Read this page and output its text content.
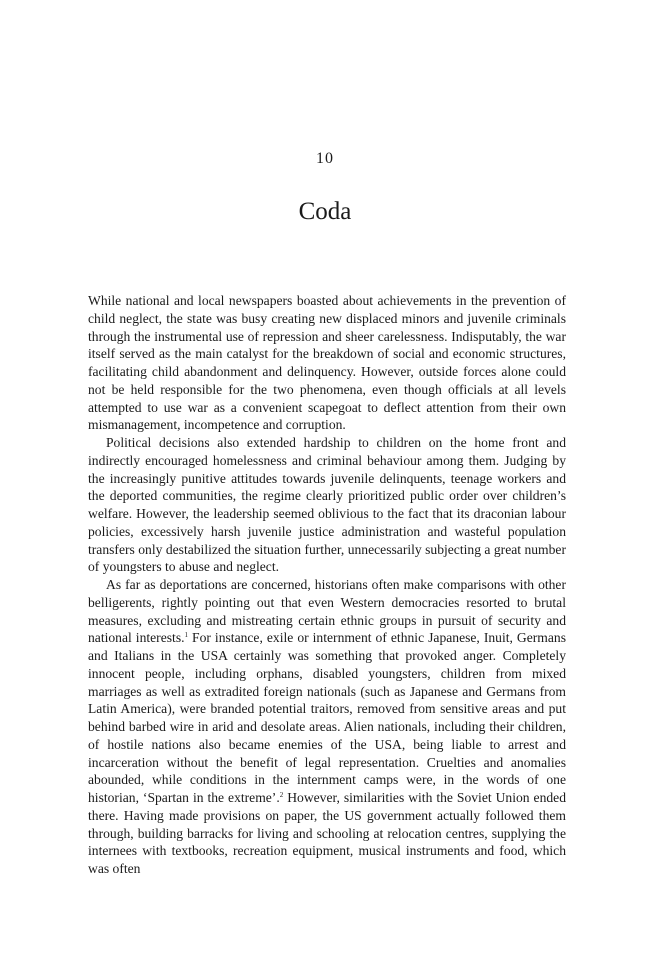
10
Coda

While national and local newspapers boasted about achievements in the prevention of child neglect, the state was busy creating new displaced minors and juvenile criminals through the instrumental use of repression and sheer carelessness. Indisputably, the war itself served as the main catalyst for the breakdown of social and economic structures, facilitating child abandonment and delinquency. However, outside forces alone could not be held responsible for the two phenomena, even though officials at all levels attempted to use war as a convenient scapegoat to deflect attention from their own mismanagement, incompetence and corruption.

Political decisions also extended hardship to children on the home front and indirectly encouraged homelessness and criminal behaviour among them. Judging by the increasingly punitive attitudes towards juvenile delinquents, teenage workers and the deported communities, the regime clearly prioritized public order over children’s welfare. However, the leadership seemed oblivious to the fact that its draconian labour policies, excessively harsh juvenile justice administration and wasteful population transfers only destabilized the situation further, unnecessarily subjecting a great number of youngsters to abuse and neglect.

As far as deportations are concerned, historians often make comparisons with other belligerents, rightly pointing out that even Western democracies resorted to brutal measures, excluding and mistreating certain ethnic groups in pursuit of security and national interests.$^1$ For instance, exile or internment of ethnic Japanese, Inuit, Germans and Italians in the USA certainly was something that provoked anger. Completely innocent people, including orphans, disabled youngsters, children from mixed marriages as well as extradited foreign nationals (such as Japanese and Germans from Latin America), were branded potential traitors, removed from sensitive areas and put behind barbed wire in arid and desolate areas. Alien nationals, including their children, of hostile nations also became enemies of the USA, being liable to arrest and incarceration without the benefit of legal representation. Cruelties and anomalies abounded, while conditions in the internment camps were, in the words of one historian, ‘Spartan in the extreme’.$^2$ However, similarities with the Soviet Union ended there. Having made provisions on paper, the US government actually followed them through, building barracks for living and schooling at relocation centres, supplying the internees with textbooks, recreation equipment, musical instruments and food, which was often
